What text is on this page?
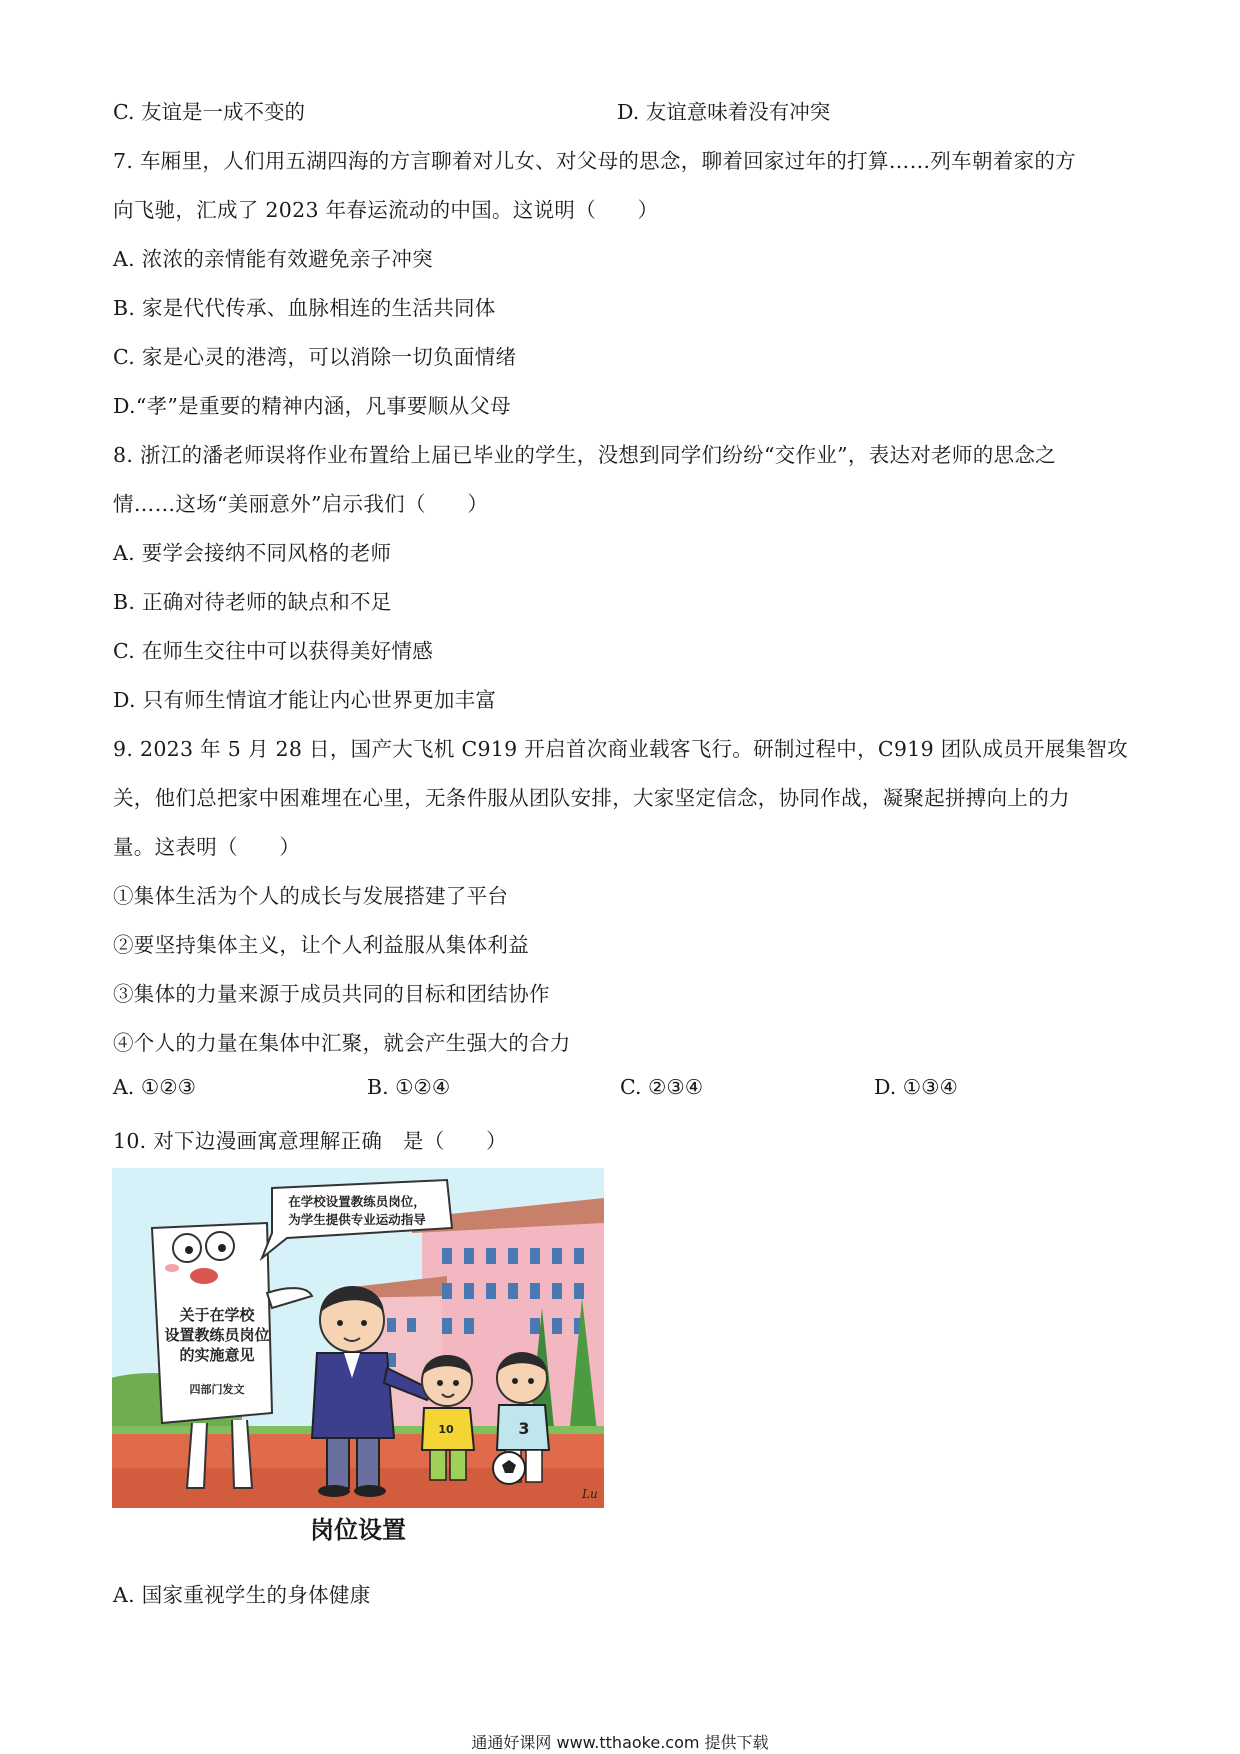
C. 友谊是一成不变的	D. 友谊意味着没有冲突
7. 车厢里，人们用五湖四海的方言聊着对儿女、对父母的思念，聊着回家过年的打算……列车朝着家的方
向飞驰，汇成了 2023 年春运流动的中国。这说明（　　）
A. 浓浓的亲情能有效避免亲子冲突
B. 家是代代传承、血脉相连的生活共同体
C. 家是心灵的港湾，可以消除一切负面情绪
D.“孝”是重要的精神内涵，凡事要顺从父母
8. 浙江的潘老师误将作业布置给上届已毕业的学生，没想到同学们纷纷“交作业”，表达对老师的思念之
情……这场“美丽意外”启示我们（　　）
A. 要学会接纳不同风格的老师
B. 正确对待老师的缺点和不足
C. 在师生交往中可以获得美好情感
D. 只有师生情谊才能让内心世界更加丰富
9. 2023 年 5 月 28 日，国产大飞机 C919 开启首次商业载客飞行。研制过程中，C919 团队成员开展集智攻
关，他们总把家中困难埋在心里，无条件服从团队安排，大家坚定信念，协同作战，凝聚起拼搏向上的力
量。这表明（　　）
①集体生活为个人的成长与发展搭建了平台
②要坚持集体主义，让个人利益服从集体利益
③集体的力量来源于成员共同的目标和团结协作
④个人的力量在集体中汇聚，就会产生强大的合力
A. ①②③	B. ①②④	C. ②③④	D. ①③④
10. 对下边漫画寓意理解正确　是（　　）
在学校设置教练员岗位，
为学生提供专业运动指导
关于在学校
设置教练员岗位
的实施意见
四部门发文
10	3
Lu
岗位设置
A. 国家重视学生的身体健康
通通好课网 www.tthaoke.com 提供下载
